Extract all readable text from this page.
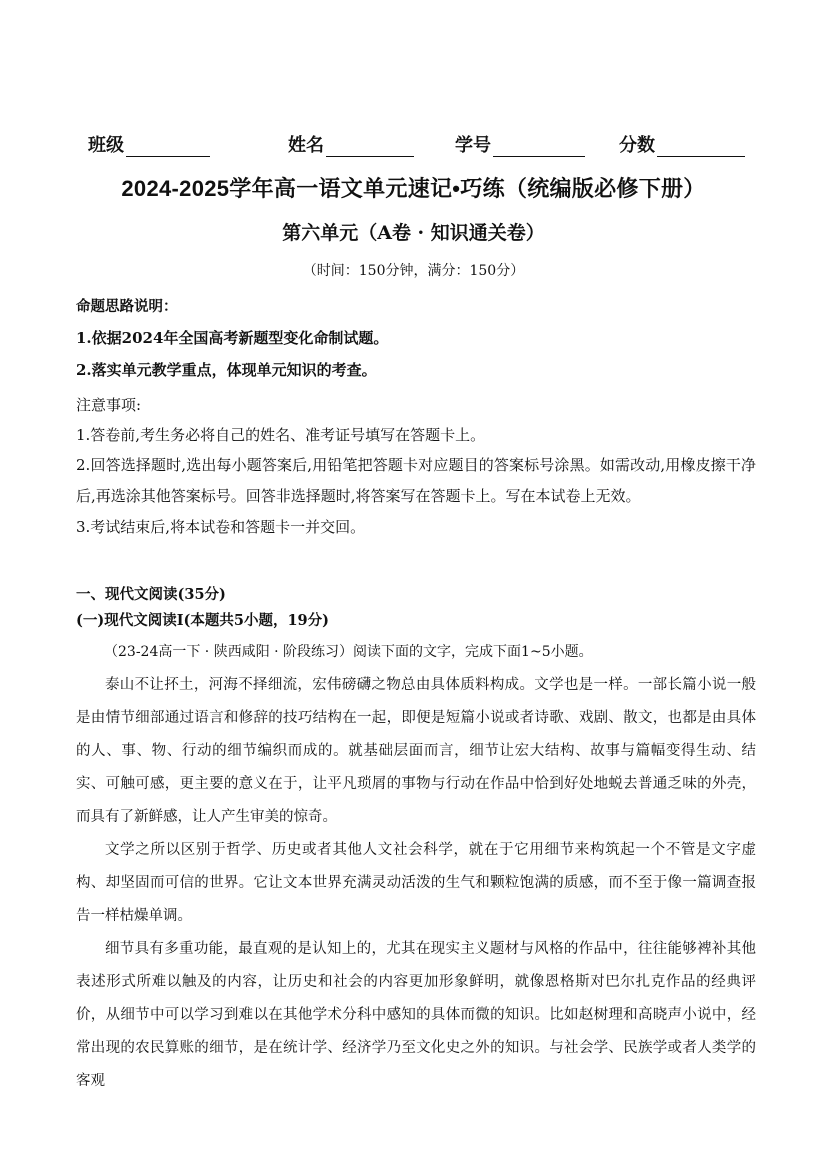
班级	姓名	学号	分数
2024-2025学年高一语文单元速记•巧练（统编版必修下册）
第六单元（A卷 · 知识通关卷）
（时间：150分钟，满分：150分）
命题思路说明：
1.依据2024年全国高考新题型变化命制试题。
2.落实单元教学重点，体现单元知识的考查。
注意事项:
1.答卷前,考生务必将自己的姓名、准考证号填写在答题卡上。
2.回答选择题时,选出每小题答案后,用铅笔把答题卡对应题目的答案标号涂黑。如需改动,用橡皮擦干净后,再选涂其他答案标号。回答非选择题时,将答案写在答题卡上。写在本试卷上无效。
3.考试结束后,将本试卷和答题卡一并交回。
一、现代文阅读(35分)
(一)现代文阅读Ⅰ(本题共5小题，19分)
（23-24高一下 · 陕西咸阳 · 阶段练习）阅读下面的文字，完成下面1~5小题。
泰山不让抔土，河海不择细流，宏伟磅礴之物总由具体质料构成。文学也是一样。一部长篇小说一般是由情节细部通过语言和修辞的技巧结构在一起，即便是短篇小说或者诗歌、戏剧、散文，也都是由具体的人、事、物、行动的细节编织而成的。就基础层面而言，细节让宏大结构、故事与篇幅变得生动、结实、可触可感，更主要的意义在于，让平凡琐屑的事物与行动在作品中恰到好处地蜕去普通乏味的外壳，而具有了新鲜感，让人产生审美的惊奇。
文学之所以区别于哲学、历史或者其他人文社会科学，就在于它用细节来构筑起一个不管是文字虚构、却坚固而可信的世界。它让文本世界充满灵动活泼的生气和颗粒饱满的质感，而不至于像一篇调查报告一样枯燥单调。
细节具有多重功能，最直观的是认知上的，尤其在现实主义题材与风格的作品中，往往能够裨补其他表述形式所难以触及的内容，让历史和社会的内容更加形象鲜明，就像恩格斯对巴尔扎克作品的经典评价，从细节中可以学习到难以在其他学术分科中感知的具体而微的知识。比如赵树理和高晓声小说中，经常出现的农民算账的细节，是在统计学、经济学乃至文化史之外的知识。与社会学、民族学或者人类学的客观
